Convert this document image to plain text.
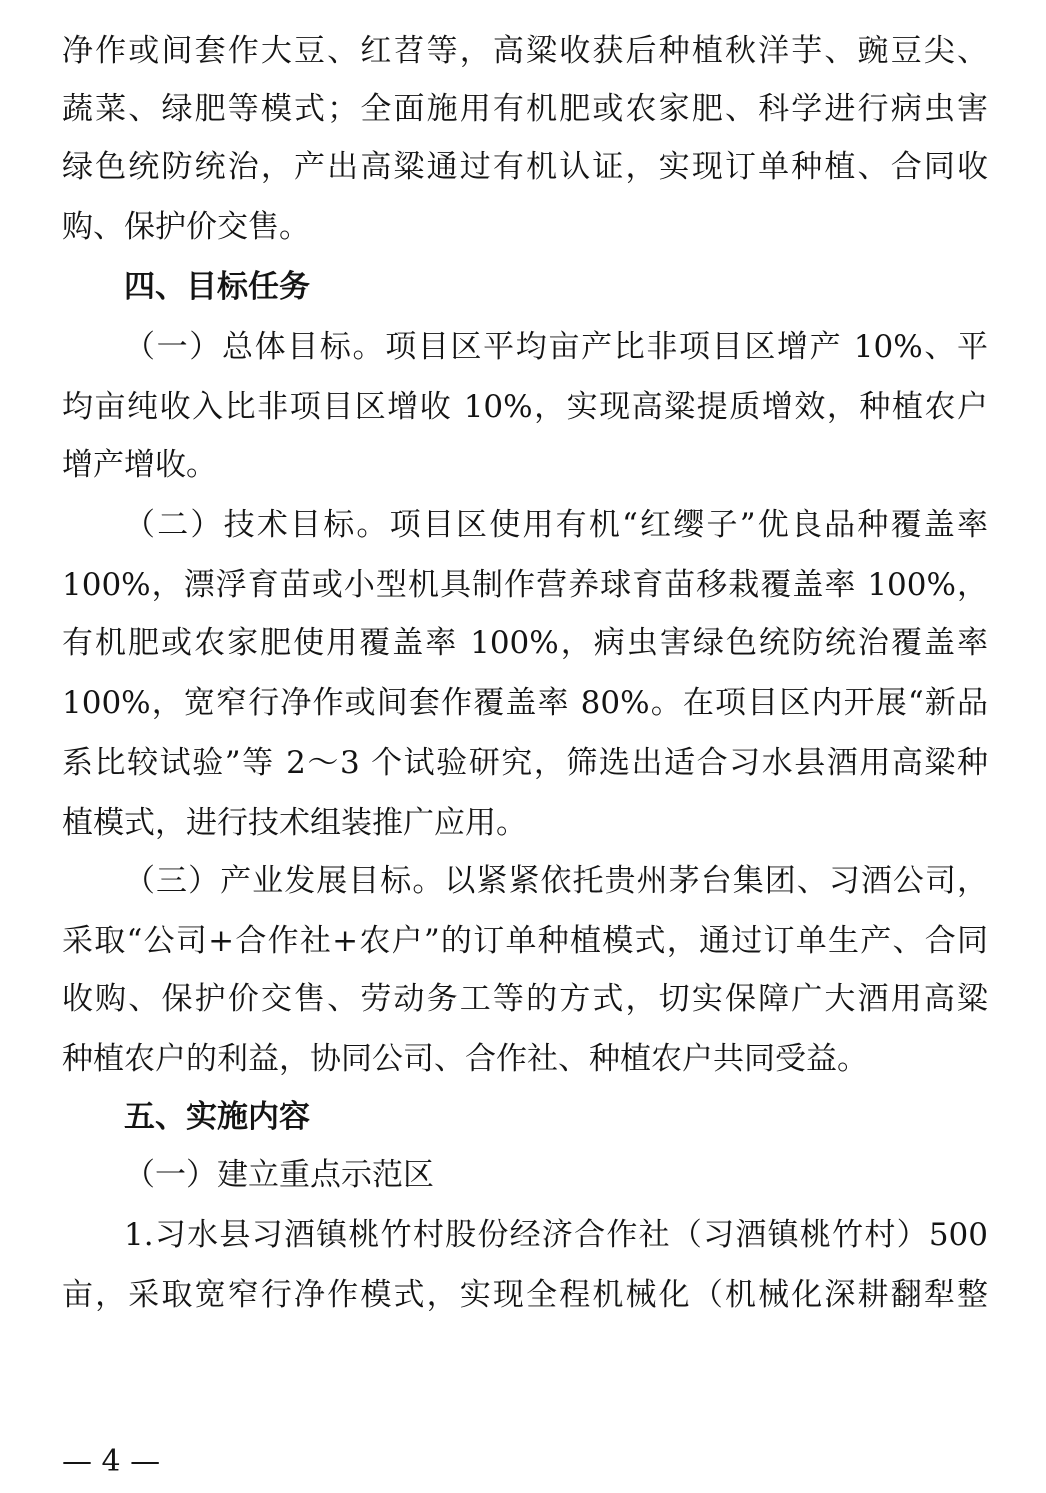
净作或间套作大豆、红苕等，高粱收获后种植秋洋芋、豌豆尖、
蔬菜、绿肥等模式；全面施用有机肥或农家肥、科学进行病虫害
绿色统防统治，产出高粱通过有机认证，实现订单种植、合同收
购、保护价交售。
四、目标任务
（一）总体目标。项目区平均亩产比非项目区增产 10%、平
均亩纯收入比非项目区增收 10%，实现高粱提质增效，种植农户
增产增收。
（二）技术目标。项目区使用有机“红缨子”优良品种覆盖率
100%，漂浮育苗或小型机具制作营养球育苗移栽覆盖率 100%，
有机肥或农家肥使用覆盖率 100%，病虫害绿色统防统治覆盖率
100%，宽窄行净作或间套作覆盖率 80%。在项目区内开展“新品
系比较试验”等 2～3 个试验研究，筛选出适合习水县酒用高粱种
植模式，进行技术组装推广应用。
（三）产业发展目标。以紧紧依托贵州茅台集团、习酒公司，
采取“公司+合作社+农户”的订单种植模式，通过订单生产、合同
收购、保护价交售、劳动务工等的方式，切实保障广大酒用高粱
种植农户的利益，协同公司、合作社、种植农户共同受益。
五、实施内容
（一）建立重点示范区
1.习水县习酒镇桃竹村股份经济合作社（习酒镇桃竹村）500
亩，采取宽窄行净作模式，实现全程机械化（机械化深耕翻犁整
— 4 —
